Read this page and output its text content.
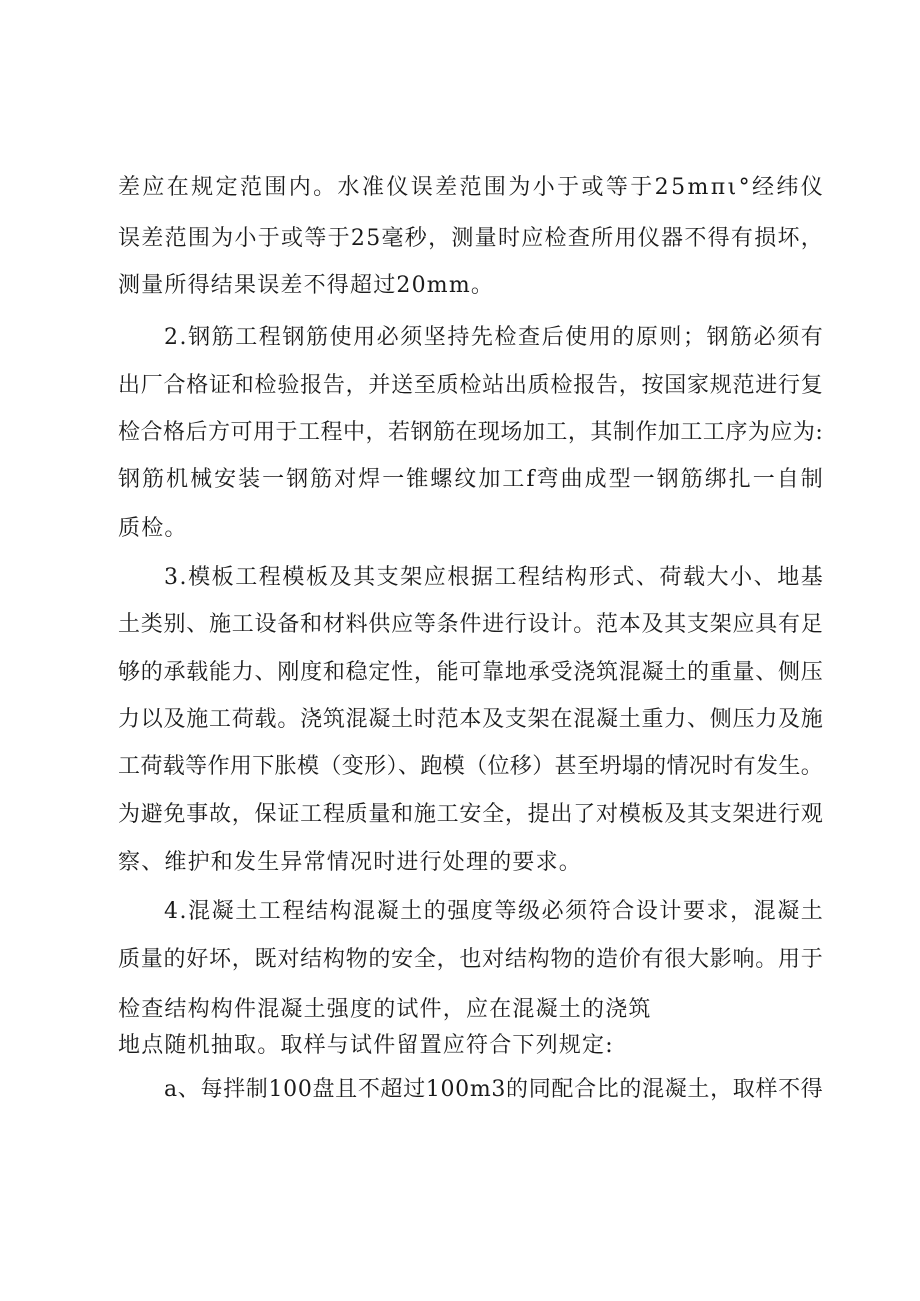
差应在规定范围内。水准仪误差范围为小于或等于25mπι°经纬仪
误差范围为小于或等于25毫秒，测量时应检查所用仪器不得有损坏，
测量所得结果误差不得超过20mm。
2.钢筋工程钢筋使用必须坚持先检查后使用的原则；钢筋必须有
出厂合格证和检验报告，并送至质检站出质检报告，按国家规范进行复
检合格后方可用于工程中，若钢筋在现场加工，其制作加工工序为应为:
钢筋机械安装一钢筋对焊一锥螺纹加工f弯曲成型一钢筋绑扎一自制
质检。
3.模板工程模板及其支架应根据工程结构形式、荷载大小、地基
土类别、施工设备和材料供应等条件进行设计。范本及其支架应具有足
够的承载能力、刚度和稳定性，能可靠地承受浇筑混凝土的重量、侧压
力以及施工荷载。浇筑混凝土时范本及支架在混凝土重力、侧压力及施
工荷载等作用下胀模（变形）、跑模（位移）甚至坍塌的情况时有发生。
为避免事故，保证工程质量和施工安全，提出了对模板及其支架进行观
察、维护和发生异常情况时进行处理的要求。
4.混凝土工程结构混凝土的强度等级必须符合设计要求，混凝土
质量的好坏，既对结构物的安全，也对结构物的造价有很大影响。用于
检查结构构件混凝土强度的试件，应在混凝土的浇筑
地点随机抽取。取样与试件留置应符合下列规定:
a、每拌制100盘且不超过100m3的同配合比的混凝土，取样不得
